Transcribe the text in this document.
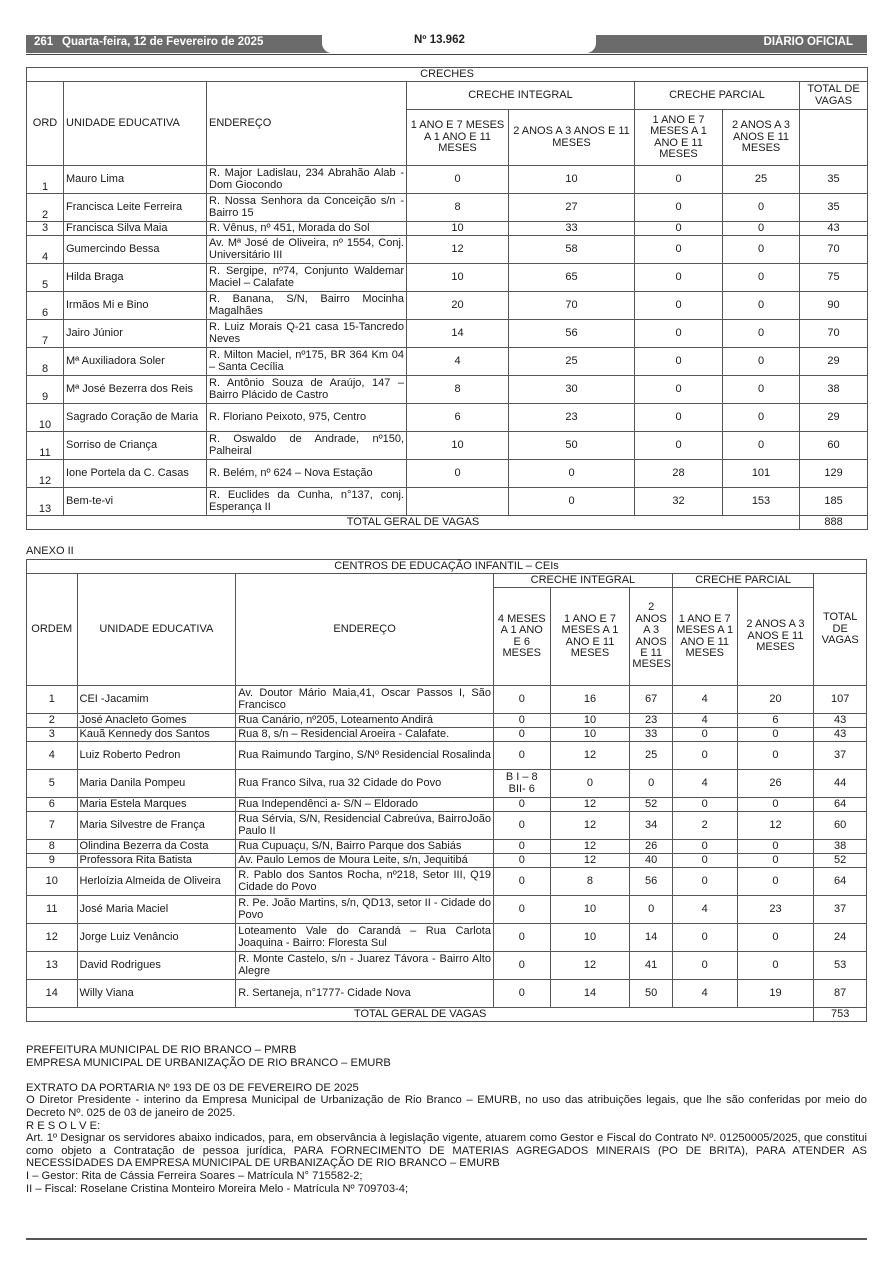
261 Quarta-feira, 12 de Fevereiro de 2025	Nº 13.962	DIÁRIO OFICIAL
CRECHES							
ORD	UNIDADE EDUCATIVA	ENDEREÇO	CRECHE INTEGRAL		CRECHE PARCIAL		TOTAL DE VAGAS
			1 ANO E 7 MESES A 1 ANO E 11 MESES	2 ANOS A 3 ANOS E 11 MESES	1 ANO E 7 MESES A 1 ANO E 11 MESES	2 ANOS A 3 ANOS E 11 MESES	
1	Mauro Lima	R. Major Ladislau, 234 Abrahão Alab - Dom Giocondo	0	10	0	25	35
2	Francisca Leite Ferreira	R. Nossa Senhora da Conceição s/n - Bairro 15	8	27	0	0	35
3	Francisca Silva Maia	R. Vênus, nº 451, Morada do Sol	10	33	0	0	43
4	Gumercindo Bessa	Av. Mª José de Oliveira, nº 1554, Conj. Universitário III	12	58	0	0	70
5	Hilda Braga	R. Sergipe, nº74, Conjunto Waldemar Maciel – Calafate	10	65	0	0	75
6	Irmãos Mi e Bino	R. Banana, S/N, Bairro Mocinha Magalhães	20	70	0	0	90
7	Jairo Júnior	R. Luiz Morais Q-21 casa 15-Tancredo Neves	14	56	0	0	70
8	Mª Auxiliadora Soler	R. Milton Maciel, nº175, BR 364 Km 04 – Santa Cecília	4	25	0	0	29
9	Mª José Bezerra dos Reis	R. Antônio Souza de Araújo, 147 – Bairro Plácido de Castro	8	30	0	0	38
10	Sagrado Coração de Maria	R. Floriano Peixoto, 975, Centro	6	23	0	0	29
11	Sorriso de Criança	R. Oswaldo de Andrade, nº150, Palheiral	10	50	0	0	60
12	Ione Portela da C. Casas	R. Belém, nº 624 – Nova Estação	0	0	28	101	129
13	Bem-te-vi	R. Euclides da Cunha, n°137, conj. Esperança II		0	32	153	185
TOTAL GERAL DE VAGAS							888
ANEXO II
CENTROS DE EDUCAÇÃO INFANTIL – CEIs								
ORDEM	UNIDADE EDUCATIVA	ENDEREÇO	CRECHE INTEGRAL			CRECHE PARCIAL		TOTAL DE VAGAS
			4 MESES A 1 ANO E 6 MESES	1 ANO E 7 MESES A 1 ANO E 11 MESES	2 ANOS A 3 ANOS E 11 MESES	1 ANO E 7 MESES A 1 ANO E 11 MESES	2 ANOS A 3 ANOS E 11 MESES	
1	CEI -Jacamim	Av. Doutor Mário Maia,41, Oscar Passos I, São Francisco	0	16	67	4	20	107
2	José Anacleto Gomes	Rua Canário, nº205, Loteamento Andirá	0	10	23	4	6	43
3	Kauã Kennedy dos Santos	Rua 8, s/n – Residencial Aroeira - Calafate.	0	10	33	0	0	43
4	Luiz Roberto Pedron	Rua Raimundo Targino, S/Nº Residencial Rosalinda	0	12	25	0	0	37
5	Maria Danila Pompeu	Rua Franco Silva, rua 32 Cidade do Povo	B I – 8 BII- 6	0	0	4	26	44
6	Maria Estela Marques	Rua Independênci a- S/N – Eldorado	0	12	52	0	0	64
7	Maria Silvestre de França	Rua Sérvia, S/N, Residencial Cabreúva, BairroJoão Paulo II	0	12	34	2	12	60
8	Olindina Bezerra da Costa	Rua Cupuaçu, S/N, Bairro Parque dos Sabiás	0	12	26	0	0	38
9	Professora Rita Batista	Av. Paulo Lemos de Moura Leite, s/n, Jequitibá	0	12	40	0	0	52
10	Herloízia Almeida de Oliveira	R. Pablo dos Santos Rocha, nº218, Setor III, Q19 Cidade do Povo	0	8	56	0	0	64
11	José Maria Maciel	R. Pe. João Martins, s/n, QD13, setor II - Cidade do Povo	0	10	0	4	23	37
12	Jorge Luiz Venâncio	Loteamento Vale do Carandá – Rua Carlota Joaquina - Bairro: Floresta Sul	0	10	14	0	0	24
13	David Rodrigues	R. Monte Castelo, s/n - Juarez Távora - Bairro Alto Alegre	0	12	41	0	0	53
14	Willy Viana	R. Sertaneja, n°1777- Cidade Nova	0	14	50	4	19	87
TOTAL GERAL DE VAGAS								753

PREFEITURA MUNICIPAL DE RIO BRANCO – PMRB

EMPRESA MUNICIPAL DE URBANIZAÇÃO DE RIO BRANCO – EMURB

EXTRATO DA PORTARIA Nº 193 DE 03 DE FEVEREIRO DE 2025

O Diretor Presidente - interino da Empresa Municipal de Urbanização de Rio Branco – EMURB, no uso das atribuições legais, que lhe são conferidas por meio do Decreto Nº. 025 de 03 de janeiro de 2025.

R E S O L V E:

Art. 1º Designar os servidores abaixo indicados, para, em observância à legislação vigente, atuarem como Gestor e Fiscal do Contrato Nº. 01250005/2025, que constitui como objeto a Contratação de pessoa jurídica, PARA FORNECIMENTO DE MATERIAS AGREGADOS MINERAIS (PO DE BRITA), PARA ATENDER AS NECESSIDADES DA EMPRESA MUNICIPAL DE URBANIZAÇÃO DE RIO BRANCO – EMURB

I – Gestor: Rita de Cássia Ferreira Soares – Matrícula N° 715582-2;

II – Fiscal: Roselane Cristina Monteiro Moreira Melo - Matrícula Nº 709703-4;
